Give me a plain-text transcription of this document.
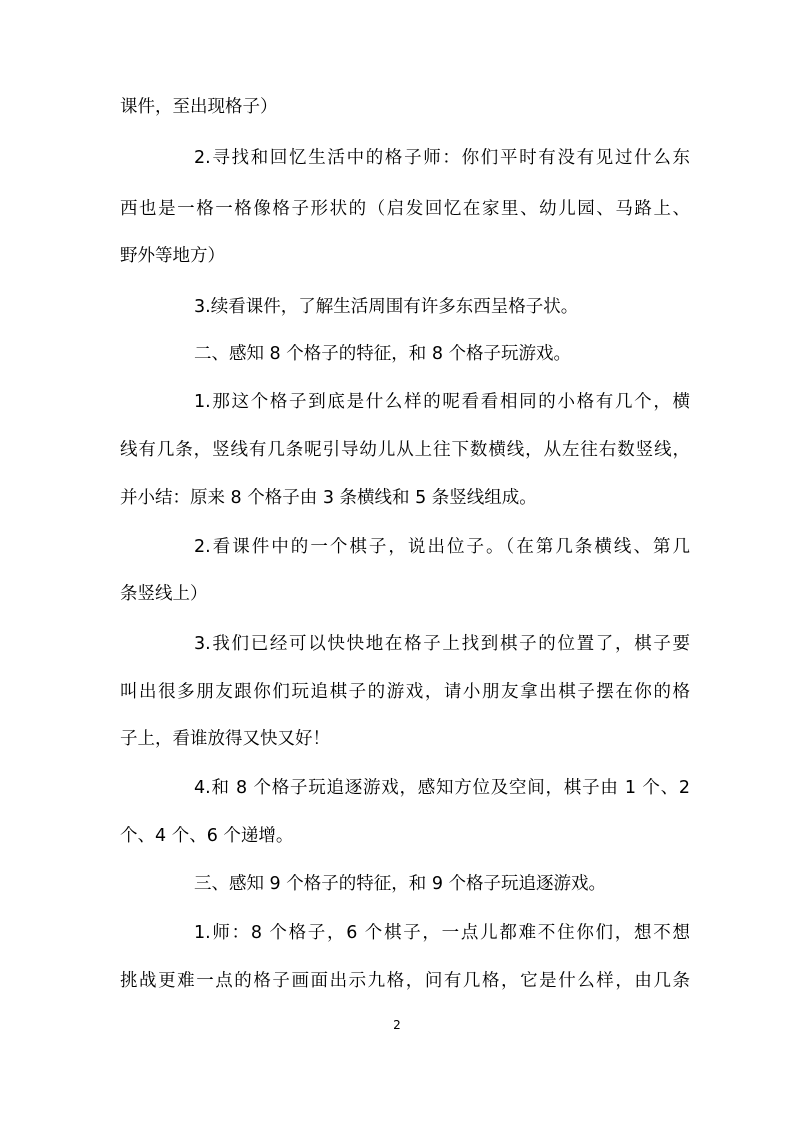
课件，至出现格子）
2.寻找和回忆生活中的格子师：你们平时有没有见过什么东
西也是一格一格像格子形状的（启发回忆在家里、幼儿园、马路上、
野外等地方）
3.续看课件，了解生活周围有许多东西呈格子状。
二、感知 8 个格子的特征，和 8 个格子玩游戏。
1.那这个格子到底是什么样的呢看看相同的小格有几个，横
线有几条，竖线有几条呢引导幼儿从上往下数横线，从左往右数竖线，
并小结：原来 8 个格子由 3 条横线和 5 条竖线组成。
2.看课件中的一个棋子，说出位子。（在第几条横线、第几
条竖线上）
3.我们已经可以快快地在格子上找到棋子的位置了，棋子要
叫出很多朋友跟你们玩追棋子的游戏，请小朋友拿出棋子摆在你的格
子上，看谁放得又快又好！
4.和 8 个格子玩追逐游戏，感知方位及空间，棋子由 1 个、2
个、4 个、6 个递增。
三、感知 9 个格子的特征，和 9 个格子玩追逐游戏。
1.师：8 个格子，6 个棋子，一点儿都难不住你们，想不想
挑战更难一点的格子画面出示九格，问有几格，它是什么样，由几条
2
